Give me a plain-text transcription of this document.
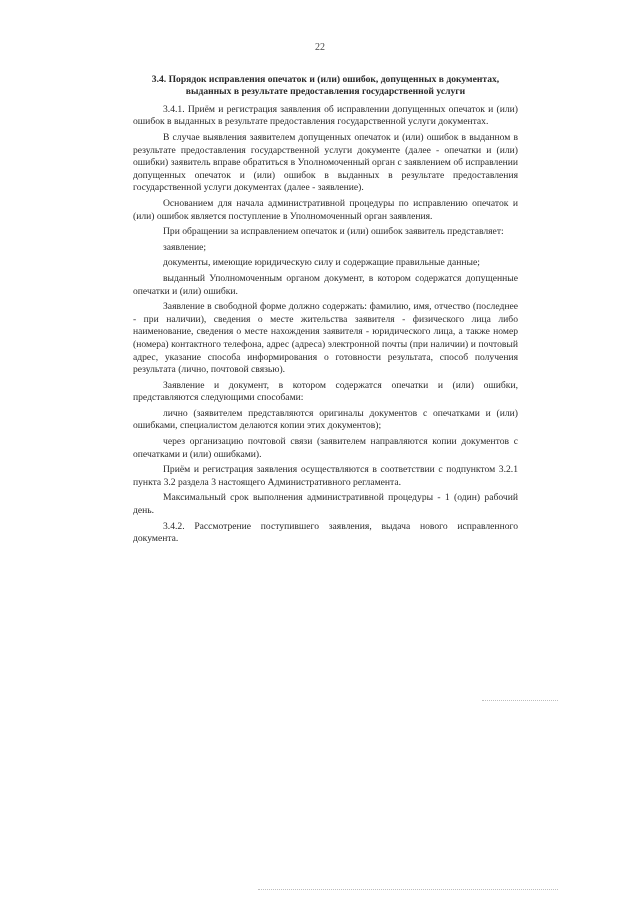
22
3.4. Порядок исправления опечаток и (или) ошибок, допущенных в документах, выданных в результате предоставления государственной услуги

3.4.1. Приём и регистрация заявления об исправлении допущенных опечаток и (или) ошибок в выданных в результате предоставления государственной услуги документах.

В случае выявления заявителем допущенных опечаток и (или) ошибок в выданном в результате предоставления государственной услуги документе (далее - опечатки и (или) ошибки) заявитель вправе обратиться в Уполномоченный орган с заявлением об исправлении допущенных опечаток и (или) ошибок в выданных в результате предоставления государственной услуги документах (далее - заявление).

Основанием для начала административной процедуры по исправлению опечаток и (или) ошибок является поступление в Уполномоченный орган заявления.

При обращении за исправлением опечаток и (или) ошибок заявитель представляет:

заявление;

документы, имеющие юридическую силу и содержащие правильные данные;

выданный Уполномоченным органом документ, в котором содержатся допущенные опечатки и (или) ошибки.

Заявление в свободной форме должно содержать: фамилию, имя, отчество (последнее - при наличии), сведения о месте жительства заявителя - физического лица либо наименование, сведения о месте нахождения заявителя - юридического лица, а также номер (номера) контактного телефона, адрес (адреса) электронной почты (при наличии) и почтовый адрес, указание способа информирования о готовности результата, способ получения результата (лично, почтовой связью).

Заявление и документ, в котором содержатся опечатки и (или) ошибки, представляются следующими способами:

лично (заявителем представляются оригиналы документов с опечатками и (или) ошибками, специалистом делаются копии этих документов);

через организацию почтовой связи (заявителем направляются копии документов с опечатками и (или) ошибками).

Приём и регистрация заявления осуществляются в соответствии с подпунктом 3.2.1 пункта 3.2 раздела 3 настоящего Административного регламента.

Максимальный срок выполнения административной процедуры - 1 (один) рабочий день.

3.4.2. Рассмотрение поступившего заявления, выдача нового исправленного документа.
